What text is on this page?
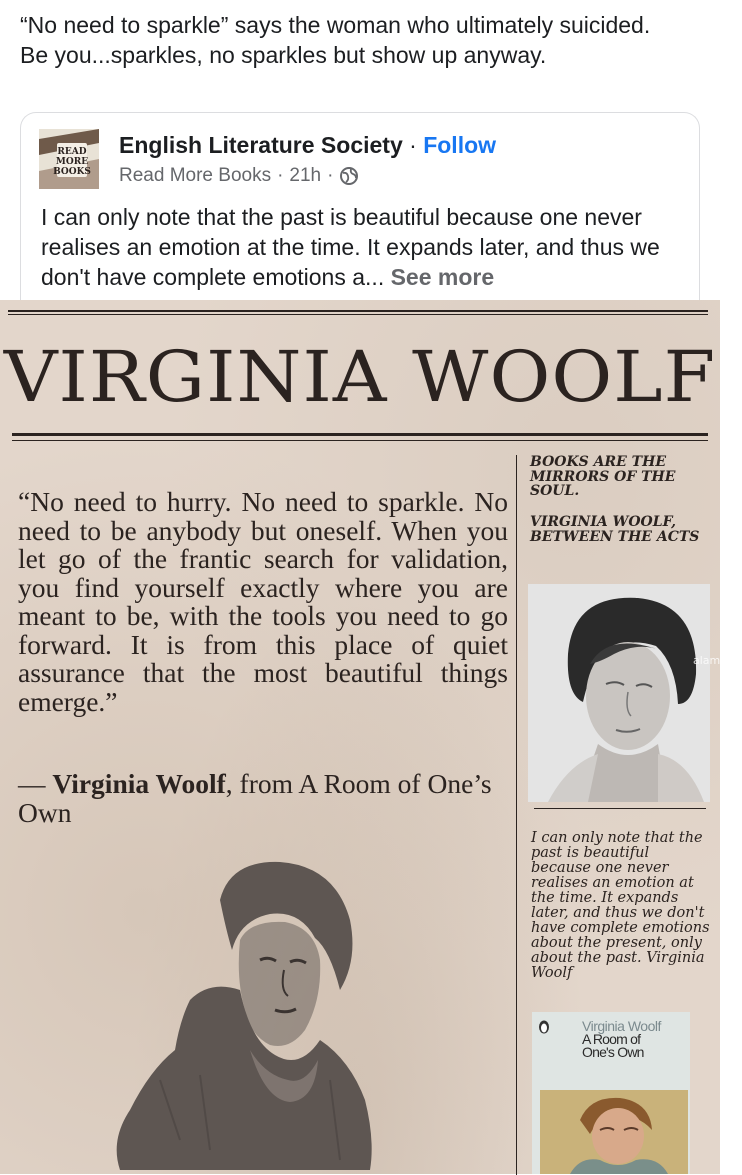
“No need to sparkle” says the woman who ultimately suicided. Be you...sparkles, no sparkles but show up anyway.
READ
MORE
BOOKS
English Literature Society · Follow
Read More Books · 21h ·
I can only note that the past is beautiful because one never realises an emotion at the time. It expands later, and thus we don't have complete emotions a... See more
VIRGINIA WOOLF
“No need to hurry. No need to sparkle. No need to be anybody but oneself. When you let go of the frantic search for validation, you find yourself exactly where you are meant to be, with the tools you need to go forward. It is from this place of quiet assurance that the most beautiful things emerge.”
— Virginia Woolf, from A Room of One’s Own
BOOKS ARE THE MIRRORS OF THE SOUL.
VIRGINIA WOOLF, BETWEEN THE ACTS
alamy
I can only note that the past is beautiful because one never realises an emotion at the time. It expands later, and thus we don't have complete emotions about the present, only about the past. Virginia Woolf
Virginia Woolf
A Room of
One's Own
